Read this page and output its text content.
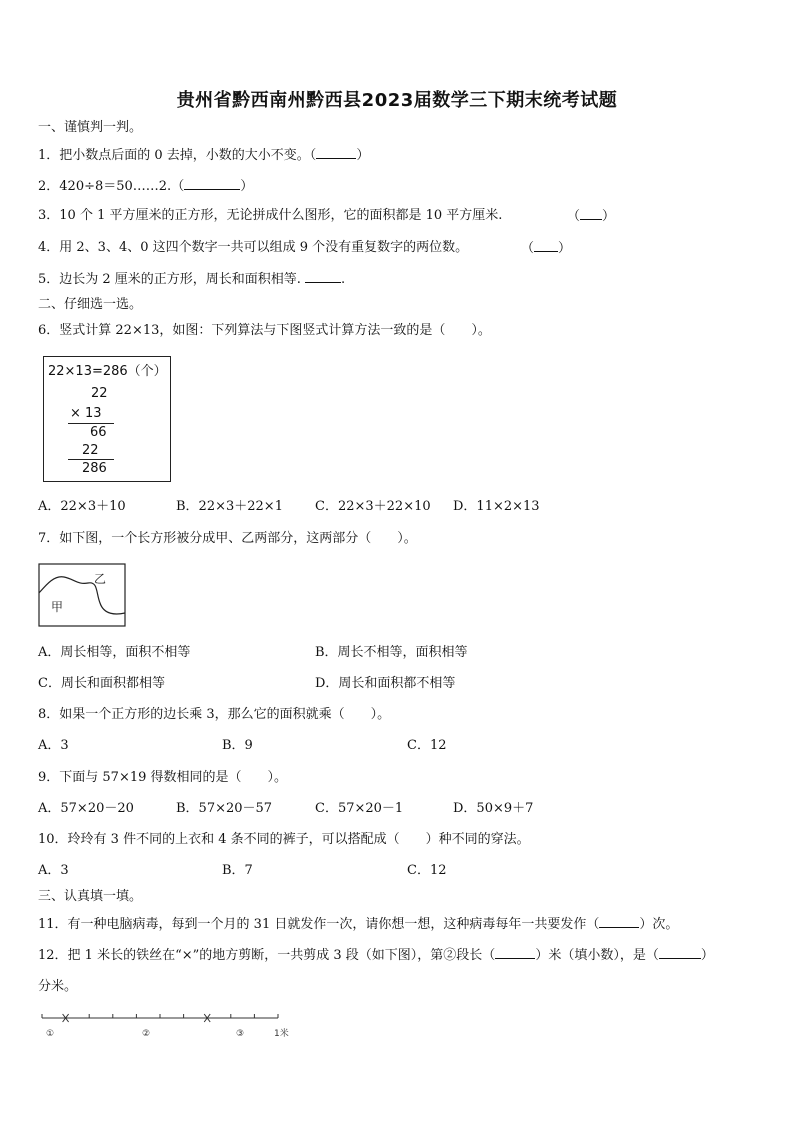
贵州省黔西南州黔西县2023届数学三下期末统考试题
一、谨慎判一判。
1．把小数点后面的 0 去掉，小数的大小不变。（	）
2．420÷8＝50……2.（	）
3．10 个 1 平方厘米的正方形，无论拼成什么图形，它的面积都是 10 平方厘米.	（ ）
4．用 2、3、4、0 这四个数字一共可以组成 9 个没有重复数字的两位数。	（ ）
5．边长为 2 厘米的正方形，周长和面积相等.	.
二、仔细选一选。
6．竖式计算 22×13，如图：下列算法与下图竖式计算方法一致的是（　　）。
22×13=286（个）
22
× 13
66
22
286
A．22×3＋10	B．22×3＋22×1 C．22×3＋22×10 D．11×2×13
7．如下图，一个长方形被分成甲、乙两部分，这两部分（　　）。
甲
乙
A．周长相等，面积不相等	B．周长不相等，面积相等
C．周长和面积都相等	D．周长和面积都不相等
8．如果一个正方形的边长乘 3，那么它的面积就乘（　　）。
A．3	B．9	C．12
9．下面与 57×19 得数相同的是（　　）。
A．57×20－20	B．57×20－57	C．57×20－1	D．50×9＋7
10．玲玲有 3 件不同的上衣和 4 条不同的裤子，可以搭配成（　　）种不同的穿法。
A．3	B．7	C．12
三、认真填一填。
11．有一种电脑病毒，每到一个月的 31 日就发作一次，请你想一想，这种病毒每年一共要发作（	）次。
12．把 1 米长的铁丝在“×”的地方剪断，一共剪成 3 段（如下图），第②段长（	）米（填小数），是（	）
分米。
①	②	③	1米
